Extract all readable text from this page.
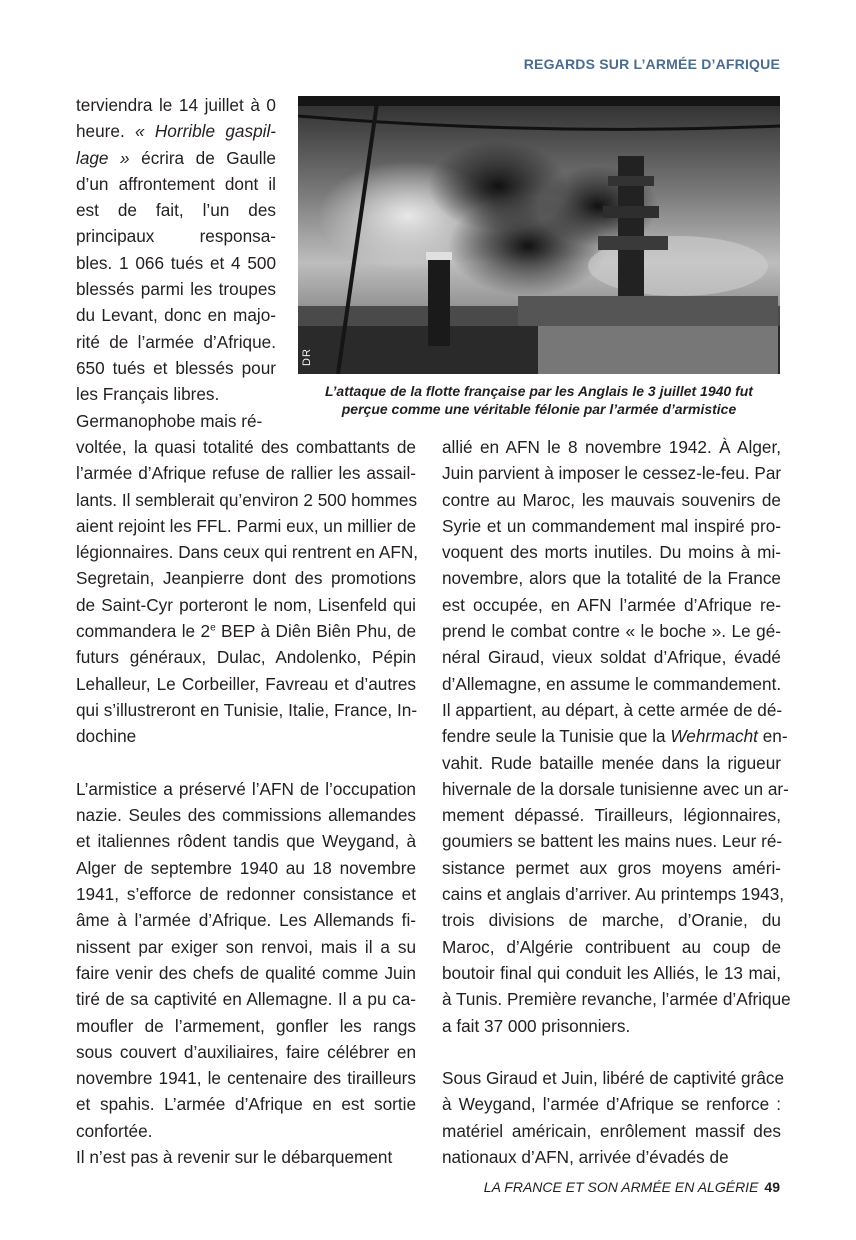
REGARDS SUR L’ARMÉE D’AFRIQUE
DR
L’attaque de la flotte française par les Anglais le 3 juillet 1940 fut
perçue comme une véritable félonie par l’armée d’armistice
terviendra le 14 juillet à 0
heure. « Horrible gaspil-
lage » écrira de Gaulle
d’un affrontement dont il
est de fait, l’un des
principaux responsa-
bles. 1 066 tués et 4 500
blessés parmi les troupes
du Levant, donc en majo-
rité de l’armée d’Afrique.
650 tués et blessés pour
les Français libres.
Germanophobe mais ré-
voltée, la quasi totalité des combattants de
l’armée d’Afrique refuse de rallier les assail-
lants. Il semblerait qu’environ 2 500 hommes
aient rejoint les FFL. Parmi eux, un millier de
légionnaires. Dans ceux qui rentrent en AFN,
Segretain, Jeanpierre dont des promotions
de Saint-Cyr porteront le nom, Lisenfeld qui
commandera le 2e BEP à Diên Biên Phu, de
futurs généraux, Dulac, Andolenko, Pépin
Lehalleur, Le Corbeiller, Favreau et d’autres
qui s’illustreront en Tunisie, Italie, France, In-
dochine
L’armistice a préservé l’AFN de l’occupation
nazie. Seules des commissions allemandes
et italiennes rôdent tandis que Weygand, à
Alger de septembre 1940 au 18 novembre
1941, s’efforce de redonner consistance et
âme à l’armée d’Afrique. Les Allemands fi-
nissent par exiger son renvoi, mais il a su
faire venir des chefs de qualité comme Juin
tiré de sa captivité en Allemagne. Il a pu ca-
moufler de l’armement, gonfler les rangs
sous couvert d’auxiliaires, faire célébrer en
novembre 1941, le centenaire des tirailleurs
et spahis. L’armée d’Afrique en est sortie
confortée.
Il n’est pas à revenir sur le débarquement
allié en AFN le 8 novembre 1942. À Alger,
Juin parvient à imposer le cessez-le-feu. Par
contre au Maroc, les mauvais souvenirs de
Syrie et un commandement mal inspiré pro-
voquent des morts inutiles. Du moins à mi-
novembre, alors que la totalité de la France
est occupée, en AFN l’armée d’Afrique re-
prend le combat contre « le boche ». Le gé-
néral Giraud, vieux soldat d’Afrique, évadé
d’Allemagne, en assume le commandement.
Il appartient, au départ, à cette armée de dé-
fendre seule la Tunisie que la Wehrmacht en-
vahit. Rude bataille menée dans la rigueur
hivernale de la dorsale tunisienne avec un ar-
mement dépassé. Tirailleurs, légionnaires,
goumiers se battent les mains nues. Leur ré-
sistance permet aux gros moyens améri-
cains et anglais d’arriver. Au printemps 1943,
trois divisions de marche, d’Oranie, du
Maroc, d’Algérie contribuent au coup de
boutoir final qui conduit les Alliés, le 13 mai,
à Tunis. Première revanche, l’armée d’Afrique
a fait 37 000 prisonniers.
Sous Giraud et Juin, libéré de captivité grâce
à Weygand, l’armée d’Afrique se renforce :
matériel américain, enrôlement massif des
nationaux d’AFN, arrivée d’évadés de
LA FRANCE ET SON ARMÉE EN ALGÉRIE 49
